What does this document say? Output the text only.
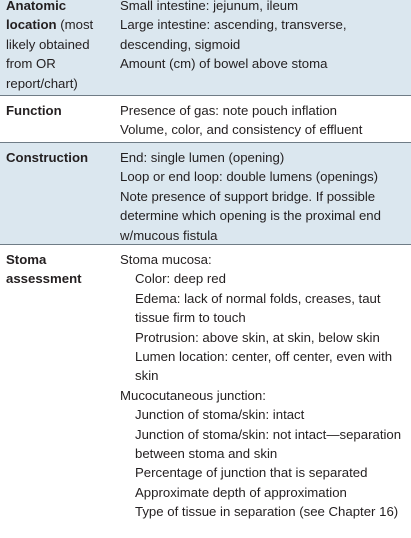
Anatomic location (most likely obtained from OR report/chart)
Small intestine: jejunum, ileum
Large intestine: ascending, transverse, descending, sigmoid
Amount (cm) of bowel above stoma
Function	Presence of gas: note pouch inflation
Volume, color, and consistency of effluent
Construction	End: single lumen (opening)
Loop or end loop: double lumens (openings)
Note presence of support bridge. If possible determine which opening is the proximal end w/mucous fistula
Stoma assessment
Stoma mucosa:
Color: deep red
Edema: lack of normal folds, creases, taut tissue firm to touch
Protrusion: above skin, at skin, below skin
Lumen location: center, off center, even with skin
Mucocutaneous junction:
Junction of stoma/skin: intact
Junction of stoma/skin: not intact—separation between stoma and skin
Percentage of junction that is separated
Approximate depth of approximation
Type of tissue in separation (see Chapter 16)
